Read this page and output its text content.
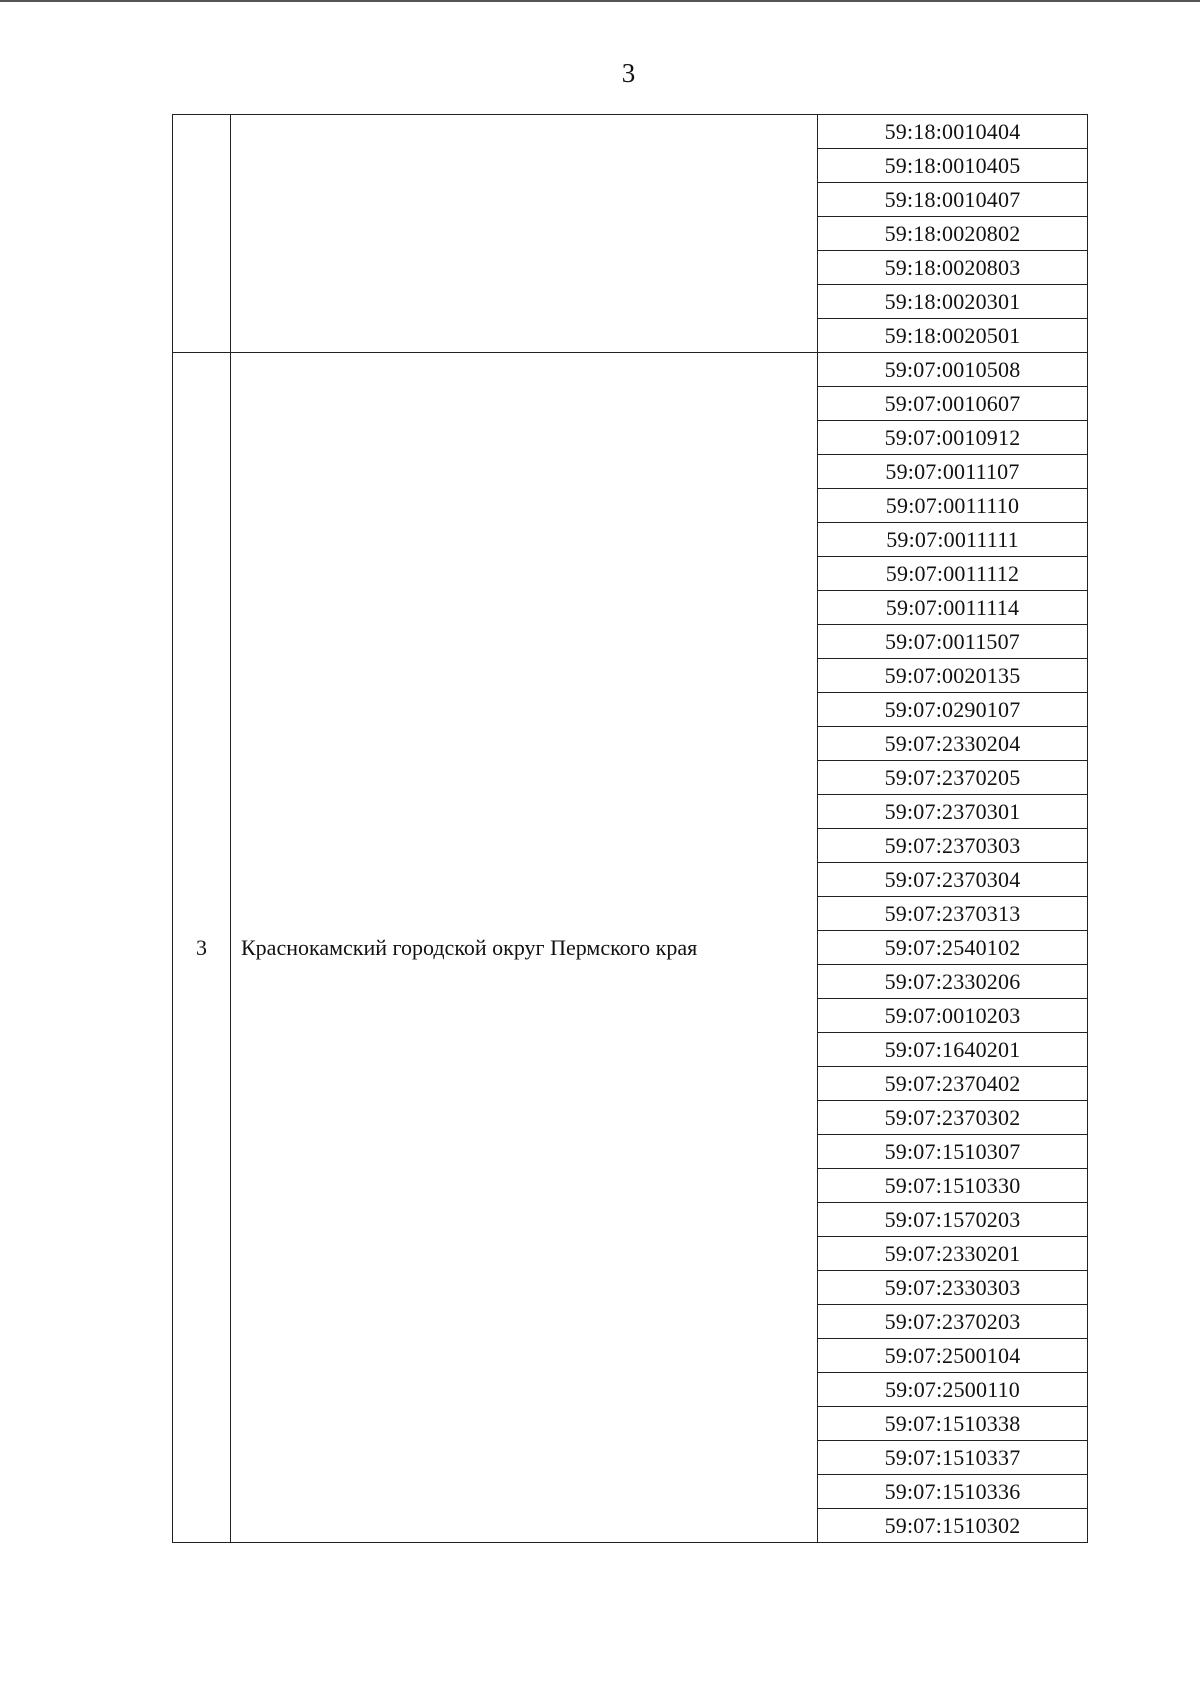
3
		59:18:0010404
		59:18:0010405
		59:18:0010407
		59:18:0020802
		59:18:0020803
		59:18:0020301
		59:18:0020501
3	Краснокамский городской округ Пермского края	59:07:0010508
		59:07:0010607
		59:07:0010912
		59:07:0011107
		59:07:0011110
		59:07:0011111
		59:07:0011112
		59:07:0011114
		59:07:0011507
		59:07:0020135
		59:07:0290107
		59:07:2330204
		59:07:2370205
		59:07:2370301
		59:07:2370303
		59:07:2370304
		59:07:2370313
		59:07:2540102
		59:07:2330206
		59:07:0010203
		59:07:1640201
		59:07:2370402
		59:07:2370302
		59:07:1510307
		59:07:1510330
		59:07:1570203
		59:07:2330201
		59:07:2330303
		59:07:2370203
		59:07:2500104
		59:07:2500110
		59:07:1510338
		59:07:1510337
		59:07:1510336
		59:07:1510302
